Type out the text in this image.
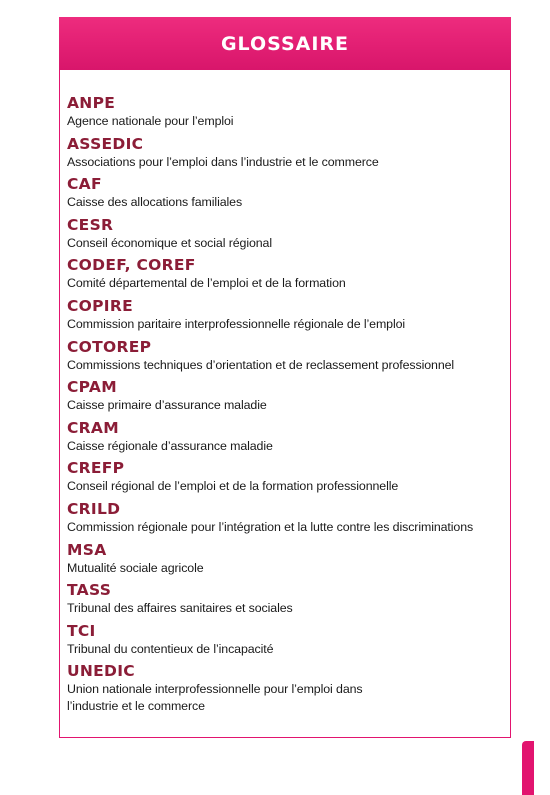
GLOSSAIRE
ANPE
Agence nationale pour l’emploi
ASSEDIC
Associations pour l’emploi dans l’industrie et le commerce
CAF
Caisse des allocations familiales
CESR
Conseil économique et social régional
CODEF, COREF
Comité départemental de l’emploi et de la formation
COPIRE
Commission paritaire interprofessionnelle régionale de l’emploi
COTOREP
Commissions techniques d’orientation et de reclassement professionnel
CPAM
Caisse primaire d’assurance maladie
CRAM
Caisse régionale d’assurance maladie
CREFP
Conseil régional de l’emploi et de la formation professionnelle
CRILD
Commission régionale pour l’intégration et la lutte contre les discriminations
MSA
Mutualité sociale agricole
TASS
Tribunal des affaires sanitaires et sociales
TCI
Tribunal du contentieux de l’incapacité
UNEDIC
Union nationale interprofessionnelle pour l’emploi dans l’industrie et le commerce
